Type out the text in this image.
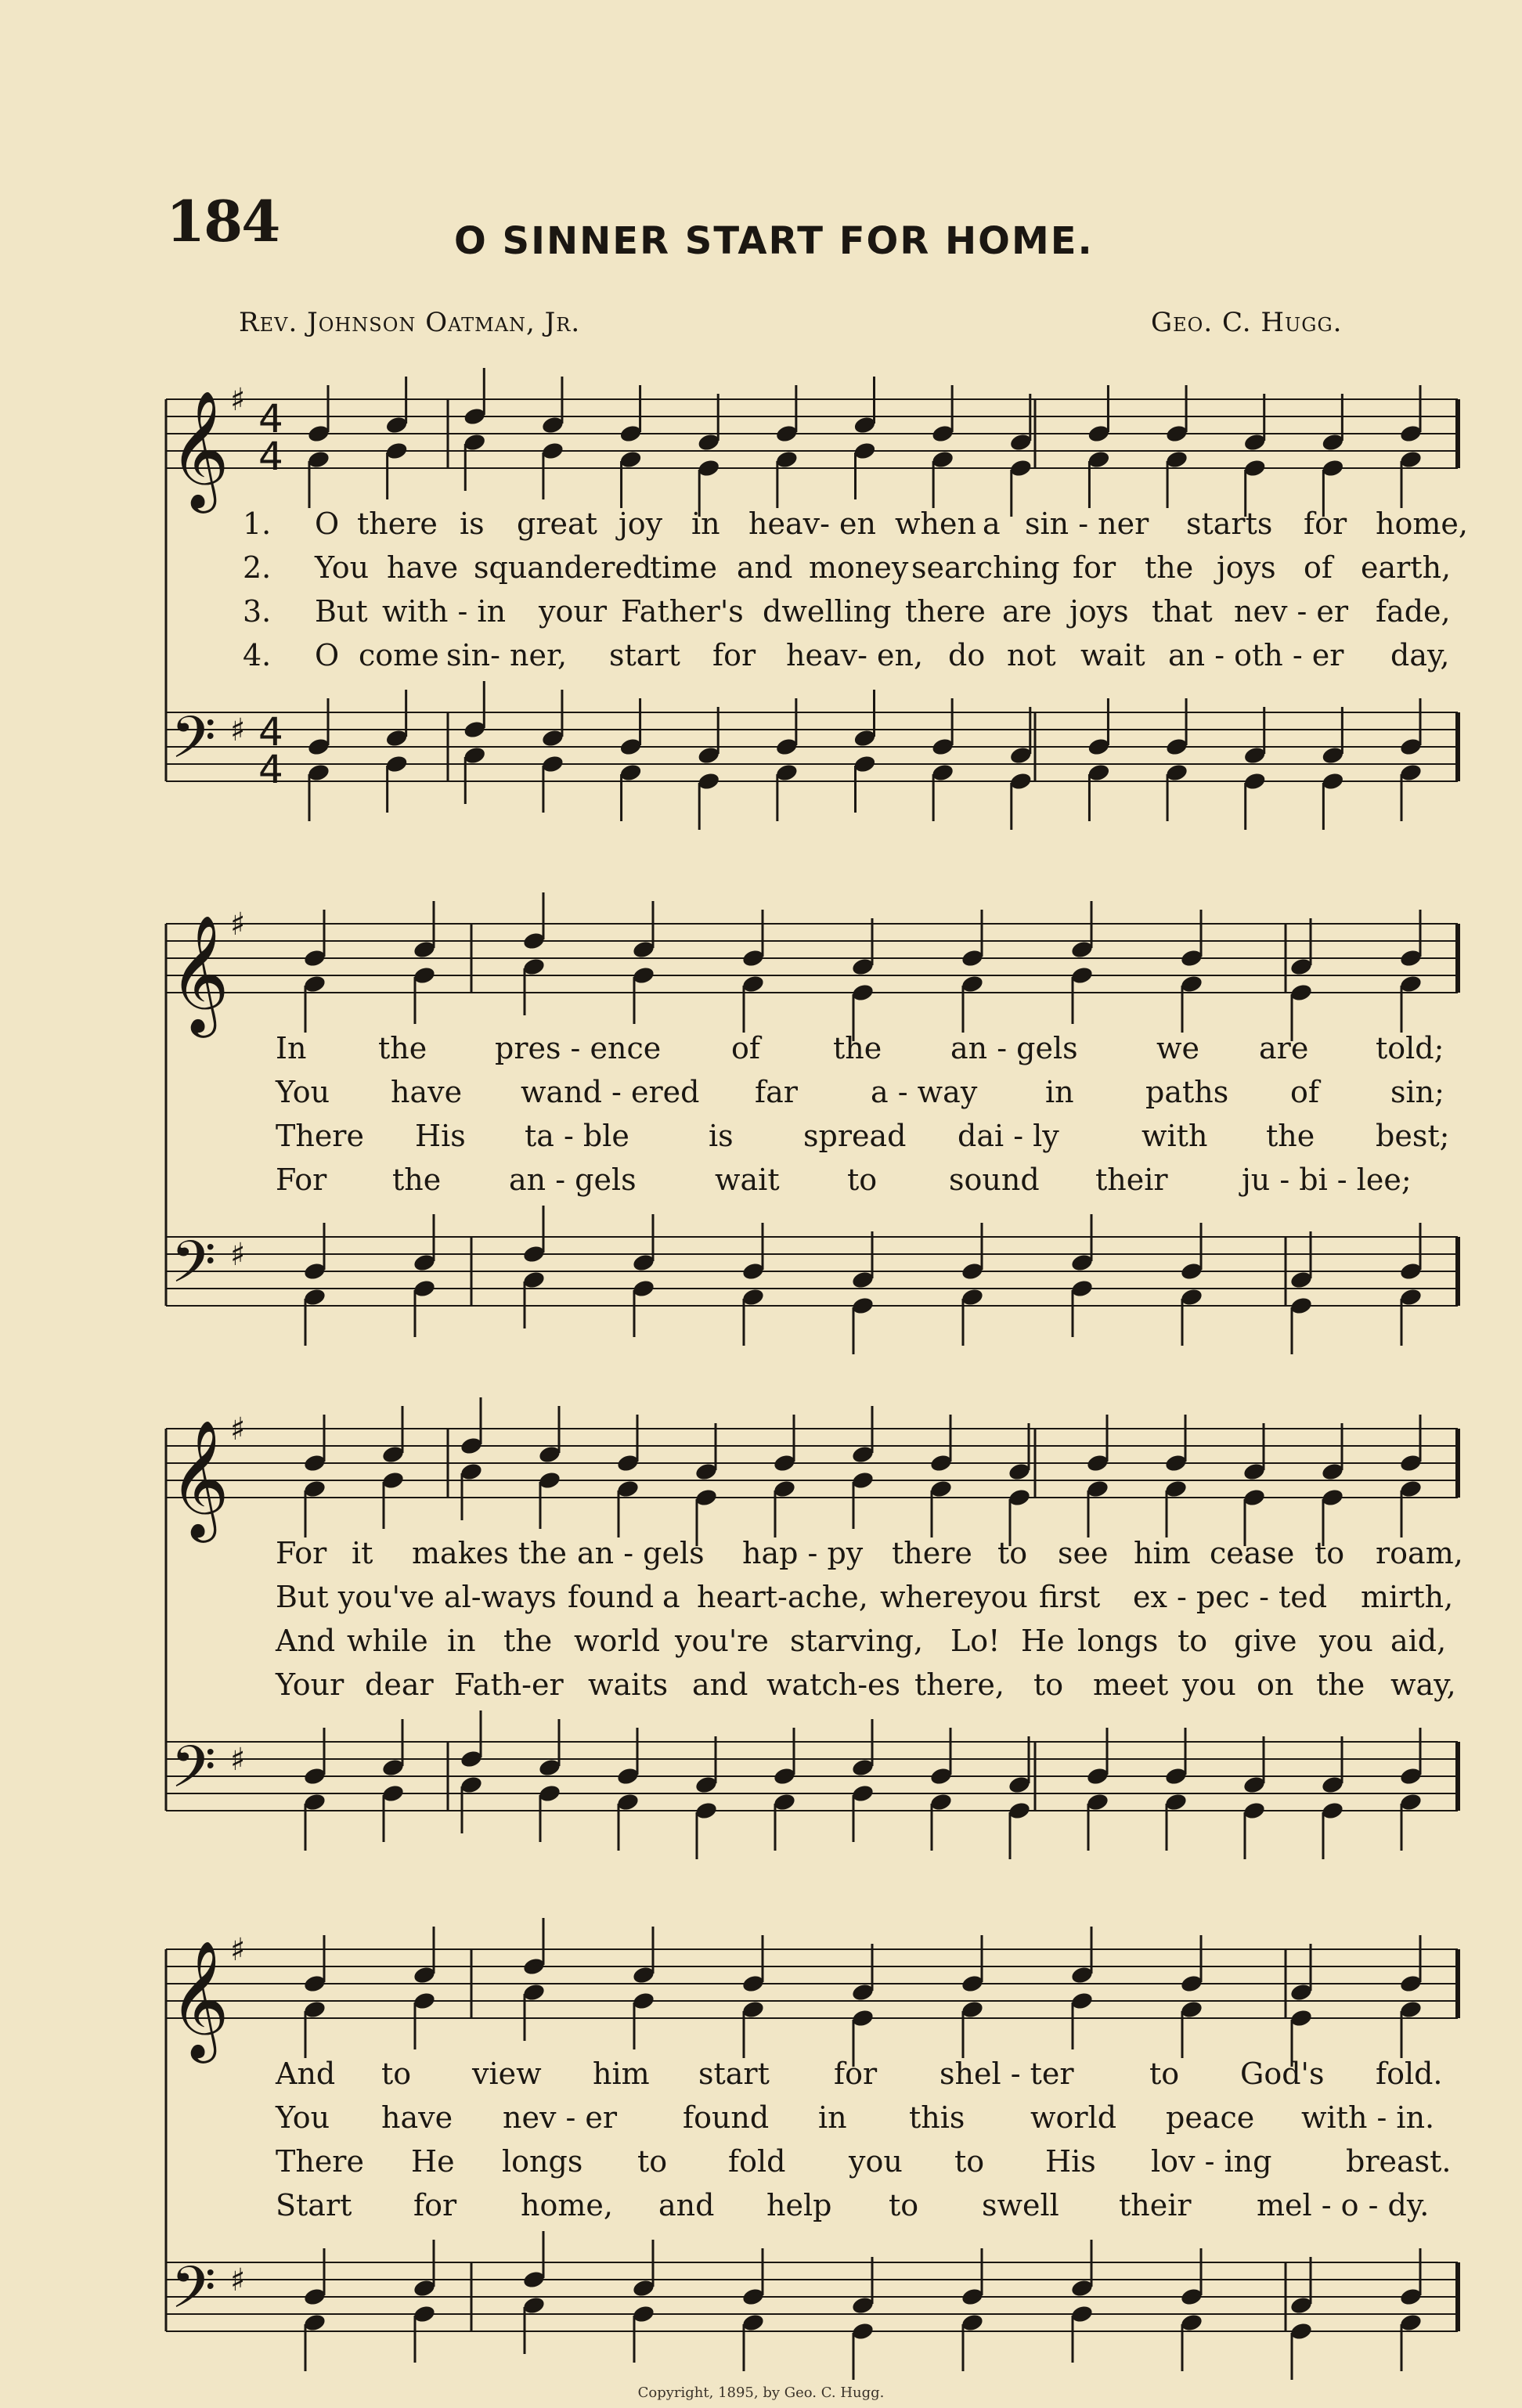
184	O SINNER START FOR HOME.
Rev. Johnson Oatman, Jr.	Geo. C. Hugg.
𝄞 ♯ 4
4
𝄢 ♯ 4
4
1. O there is great joy in heav- en when a sin - ner starts for home,
2. You have squandered
time and money searching for the joys of earth,
3. But with - in your Father's dwelling there are joys that nev - er fade,
4. O come sin- ner, start for heav- en, do not wait an - oth - er day,
𝄞 ♯
𝄢 ♯
In the pres - ence of the an - gels	we are told;
You have wand - ered far a - way in paths of sin;
There His ta - ble	is spread dai - ly	with the best;
For the an - gels	wait to sound their ju - bi - lee;
𝄞 ♯
𝄢 ♯
For it makes the an - gels hap - py there to see him cease to roam,
But you've al-ways found a heart-ache, where you first ex - pec - ted mirth,
And while in the world you're starving, Lo! He longs to give you aid,
Your dear Fath-er waits and watch-es there, to meet you on the way,
𝄞 ♯
𝄢 ♯
And to view him start for shel - ter	to God's fold.
You have nev - er found in this world peace with - in.
There He longs to fold you to His lov - ing breast.
Start for home, and help to swell their mel - o - dy.
Copyright, 1895, by Geo. C. Hugg.
